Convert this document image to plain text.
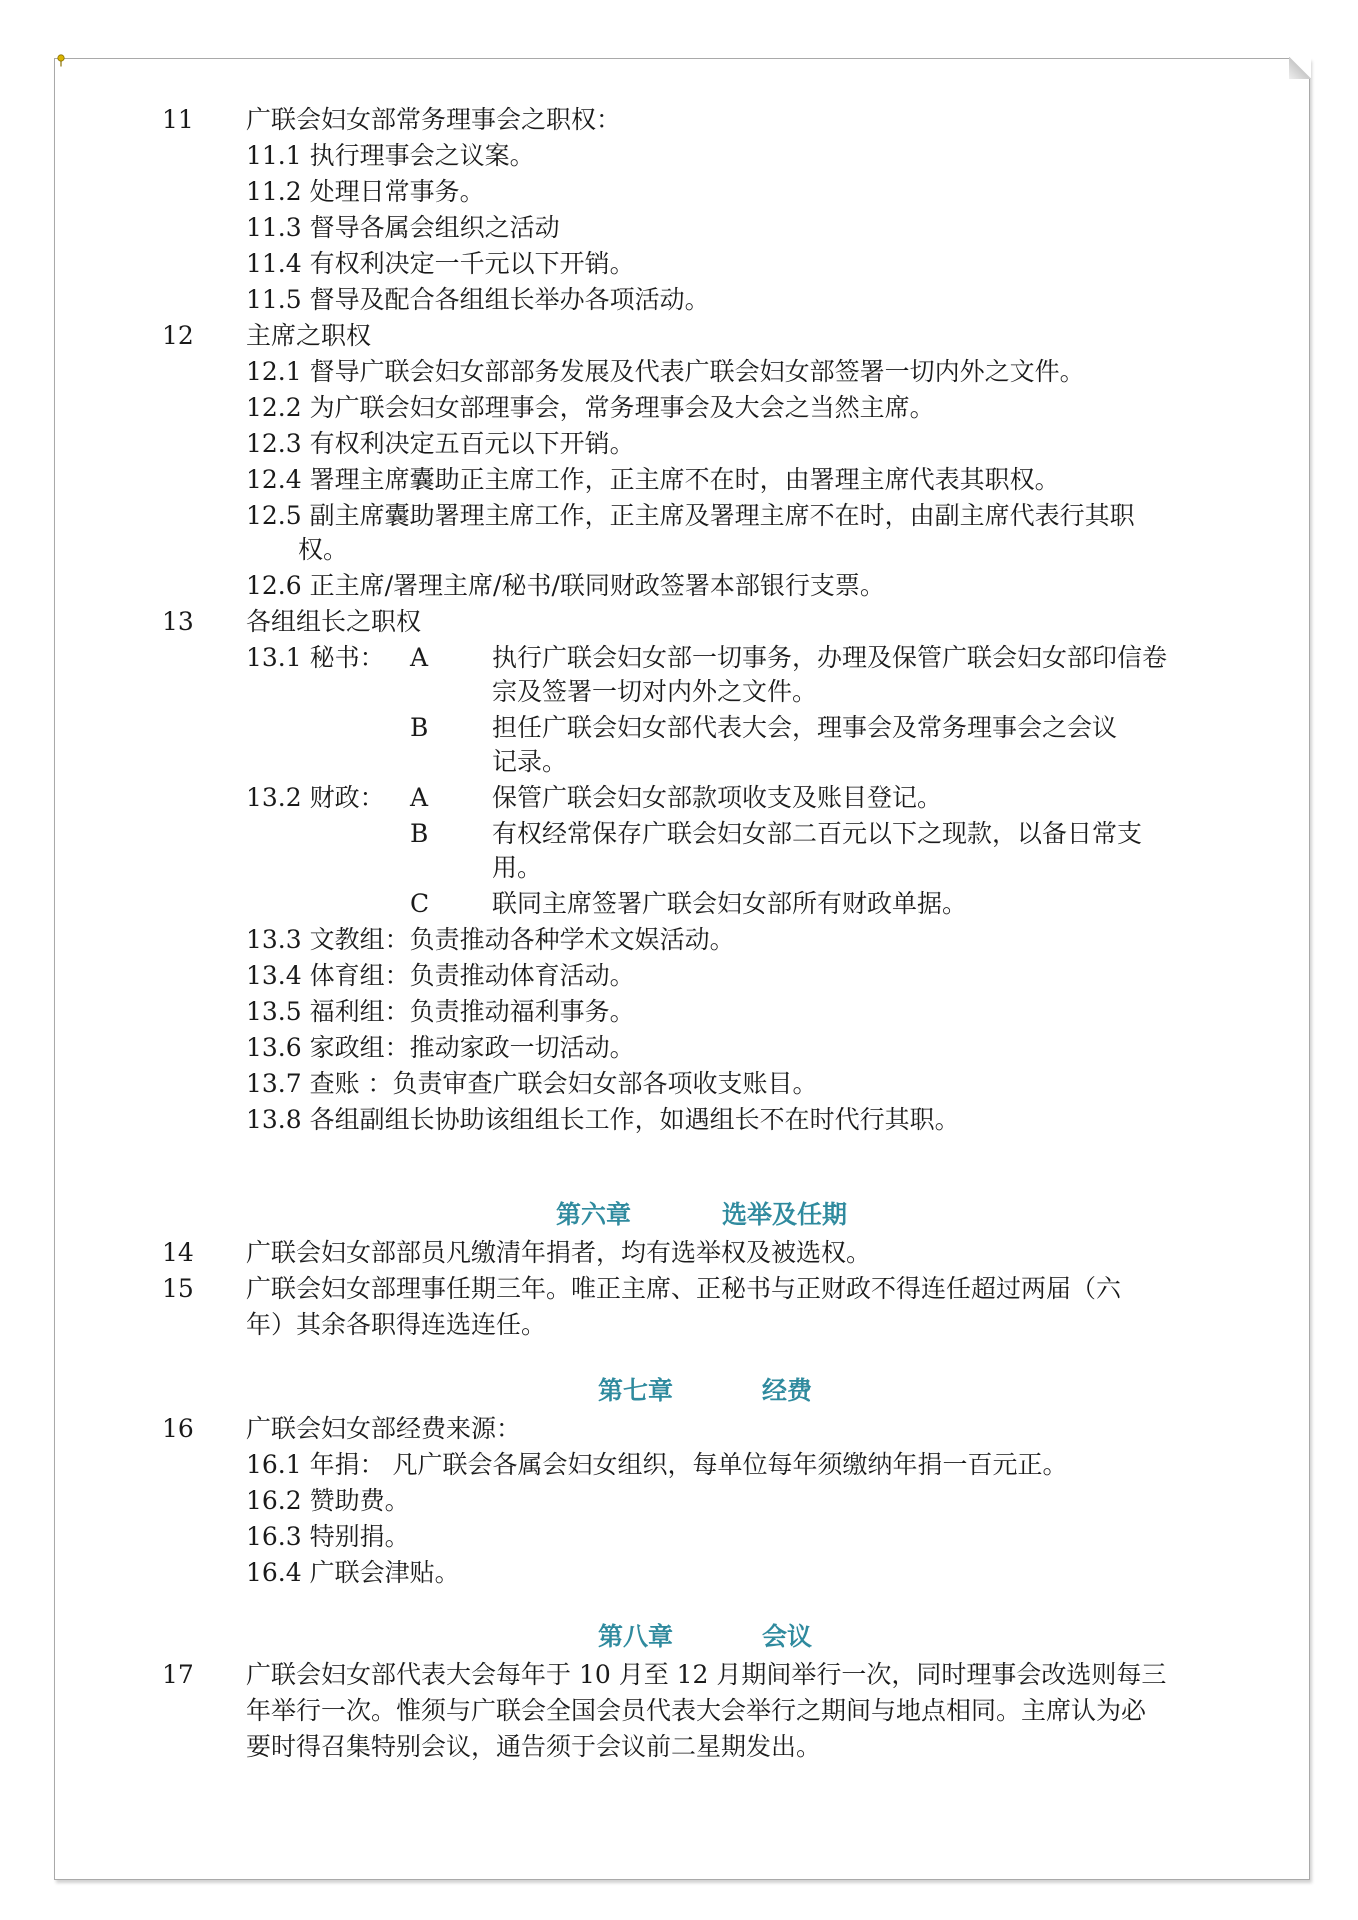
11 广联会妇女部常务理事会之职权：
11.1 执行理事会之议案。
11.2 处理日常事务。
11.3 督导各属会组织之活动
11.4 有权利决定一千元以下开销。
11.5 督导及配合各组组长举办各项活动。
12 主席之职权
12.1 督导广联会妇女部部务发展及代表广联会妇女部签署一切内外之文件。
12.2 为广联会妇女部理事会，常务理事会及大会之当然主席。
12.3 有权利决定五百元以下开销。
12.4 署理主席囊助正主席工作，正主席不在时，由署理主席代表其职权。
12.5 副主席囊助署理主席工作，正主席及署理主席不在时，由副主席代表行其职
权。
12.6 正主席/署理主席/秘书/联同财政签署本部银行支票。
13 各组组长之职权
13.1 秘书： A	执行广联会妇女部一切事务，办理及保管广联会妇女部印信卷
宗及签署一切对内外之文件。
B	担任广联会妇女部代表大会，理事会及常务理事会之会议
记录。
13.2 财政： A	保管广联会妇女部款项收支及账目登记。
B	有权经常保存广联会妇女部二百元以下之现款，以备日常支
用。
C	联同主席签署广联会妇女部所有财政单据。
13.3 文教组：负责推动各种学术文娱活动。
13.4 体育组：负责推动体育活动。
13.5 福利组：负责推动福利事务。
13.6 家政组：推动家政一切活动。
13.7 查账 ：负责审查广联会妇女部各项收支账目。
13.8 各组副组长协助该组组长工作，如遇组长不在时代行其职。
第六章	选举及任期
14 广联会妇女部部员凡缴清年捐者，均有选举权及被选权。
15 广联会妇女部理事任期三年。唯正主席、正秘书与正财政不得连任超过两届（六
年）其余各职得连选连任。
第七章	经费
16 广联会妇女部经费来源：
16.1 年捐： 凡广联会各属会妇女组织，每单位每年须缴纳年捐一百元正。
16.2 赞助费。
16.3 特别捐。
16.4 广联会津贴。
第八章	会议
17 广联会妇女部代表大会每年于 10 月至 12 月期间举行一次，同时理事会改选则每三
年举行一次。惟须与广联会全国会员代表大会举行之期间与地点相同。主席认为必
要时得召集特别会议，通告须于会议前二星期发出。
